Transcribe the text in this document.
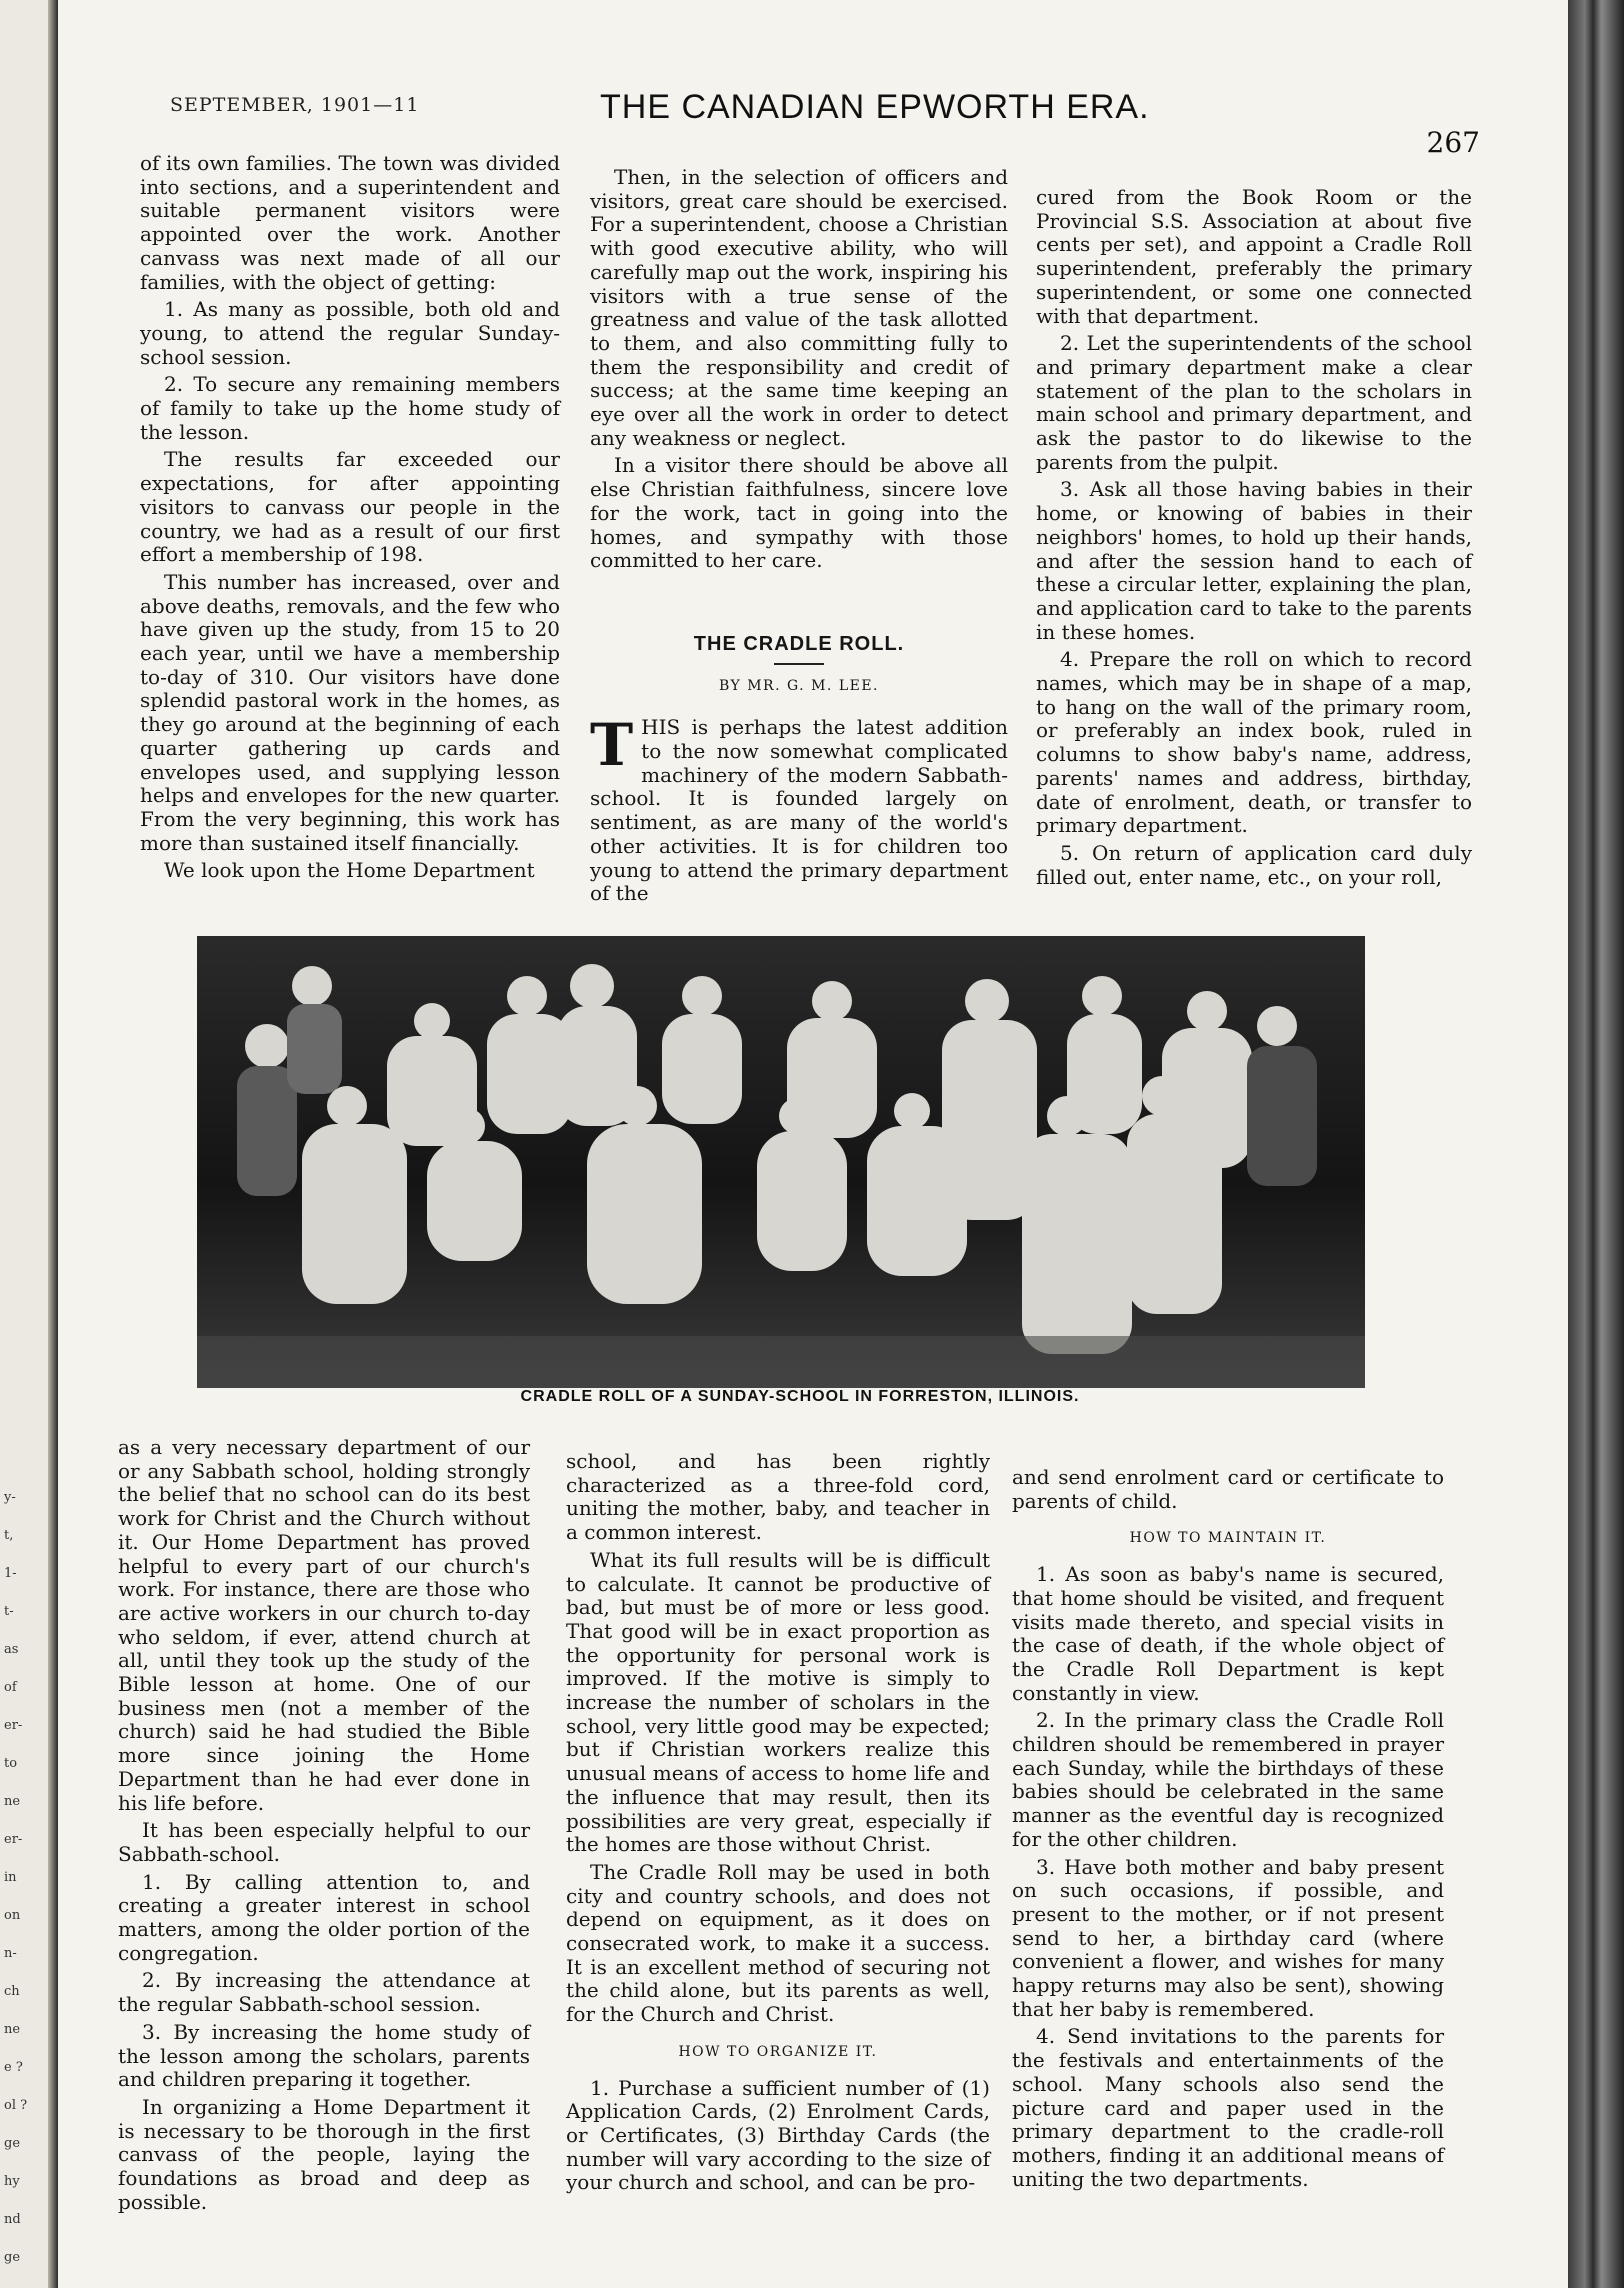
y-
t,
1-
t-
as
of
er-
to
ne
er-
in
on
n-
ch
ne
e ?
ol ?
ge
hy
nd
ge
SEPTEMBER, 1901—11	THE CANADIAN EPWORTH ERA.
267

of its own families. The town was divided into sections, and a superintendent and suitable permanent visitors were appointed over the work. Another canvass was next made of all our families, with the object of getting:

1. As many as possible, both old and young, to attend the regular Sunday-school session.

2. To secure any remaining members of family to take up the home study of the lesson.

The results far exceeded our expectations, for after appointing visitors to canvass our people in the country, we had as a result of our first effort a membership of 198.

This number has increased, over and above deaths, removals, and the few who have given up the study, from 15 to 20 each year, until we have a membership to-day of 310. Our visitors have done splendid pastoral work in the homes, as they go around at the beginning of each quarter gathering up cards and envelopes used, and supplying lesson helps and envelopes for the new quarter. From the very beginning, this work has more than sustained itself financially.

We look upon the Home Department

Then, in the selection of officers and visitors, great care should be exercised. For a superintendent, choose a Christian with good executive ability, who will carefully map out the work, inspiring his visitors with a true sense of the greatness and value of the task allotted to them, and also committing fully to them the responsibility and credit of success; at the same time keeping an eye over all the work in order to detect any weakness or neglect.

In a visitor there should be above all else Christian faithfulness, sincere love for the work, tact in going into the homes, and sympathy with those committed to her care.

THE CRADLE ROLL.
BY MR. G. M. LEE.

THIS is perhaps the latest addition to the now somewhat complicated machinery of the modern Sabbath-school. It is founded largely on sentiment, as are many of the world's other activities. It is for children too young to attend the primary department of the

cured from the Book Room or the Provincial S.S. Association at about five cents per set), and appoint a Cradle Roll superintendent, preferably the primary superintendent, or some one connected with that department.

2. Let the superintendents of the school and primary department make a clear statement of the plan to the scholars in main school and primary department, and ask the pastor to do likewise to the parents from the pulpit.

3. Ask all those having babies in their home, or knowing of babies in their neighbors' homes, to hold up their hands, and after the session hand to each of these a circular letter, explaining the plan, and application card to take to the parents in these homes.

4. Prepare the roll on which to record names, which may be in shape of a map, to hang on the wall of the primary room, or preferably an index book, ruled in columns to show baby's name, address, parents' names and address, birthday, date of enrolment, death, or transfer to primary department.

5. On return of application card duly filled out, enter name, etc., on your roll,

CRADLE ROLL OF A SUNDAY-SCHOOL IN FORRESTON, ILLINOIS.

as a very necessary department of our or any Sabbath school, holding strongly the belief that no school can do its best work for Christ and the Church without it. Our Home Department has proved helpful to every part of our church's work. For instance, there are those who are active workers in our church to-day who seldom, if ever, attend church at all, until they took up the study of the Bible lesson at home. One of our business men (not a member of the church) said he had studied the Bible more since joining the Home Department than he had ever done in his life before.

It has been especially helpful to our Sabbath-school.

1. By calling attention to, and creating a greater interest in school matters, among the older portion of the congregation.

2. By increasing the attendance at the regular Sabbath-school session.

3. By increasing the home study of the lesson among the scholars, parents and children preparing it together.

In organizing a Home Department it is necessary to be thorough in the first canvass of the people, laying the foundations as broad and deep as possible.

school, and has been rightly characterized as a three-fold cord, uniting the mother, baby, and teacher in a common interest.

What its full results will be is difficult to calculate. It cannot be productive of bad, but must be of more or less good. That good will be in exact proportion as the opportunity for personal work is improved. If the motive is simply to increase the number of scholars in the school, very little good may be expected; but if Christian workers realize this unusual means of access to home life and the influence that may result, then its possibilities are very great, especially if the homes are those without Christ.

The Cradle Roll may be used in both city and country schools, and does not depend on equipment, as it does on consecrated work, to make it a success. It is an excellent method of securing not the child alone, but its parents as well, for the Church and Christ.

HOW TO ORGANIZE IT.

1. Purchase a sufficient number of (1) Application Cards, (2) Enrolment Cards, or Certificates, (3) Birthday Cards (the number will vary according to the size of your church and school, and can be pro-

and send enrolment card or certificate to parents of child.

HOW TO MAINTAIN IT.

1. As soon as baby's name is secured, that home should be visited, and frequent visits made thereto, and special visits in the case of death, if the whole object of the Cradle Roll Department is kept constantly in view.

2. In the primary class the Cradle Roll children should be remembered in prayer each Sunday, while the birthdays of these babies should be celebrated in the same manner as the eventful day is recognized for the other children.

3. Have both mother and baby present on such occasions, if possible, and present to the mother, or if not present send to her, a birthday card (where convenient a flower, and wishes for many happy returns may also be sent), showing that her baby is remembered.

4. Send invitations to the parents for the festivals and entertainments of the school. Many schools also send the picture card and paper used in the primary department to the cradle-roll mothers, finding it an additional means of uniting the two departments.
